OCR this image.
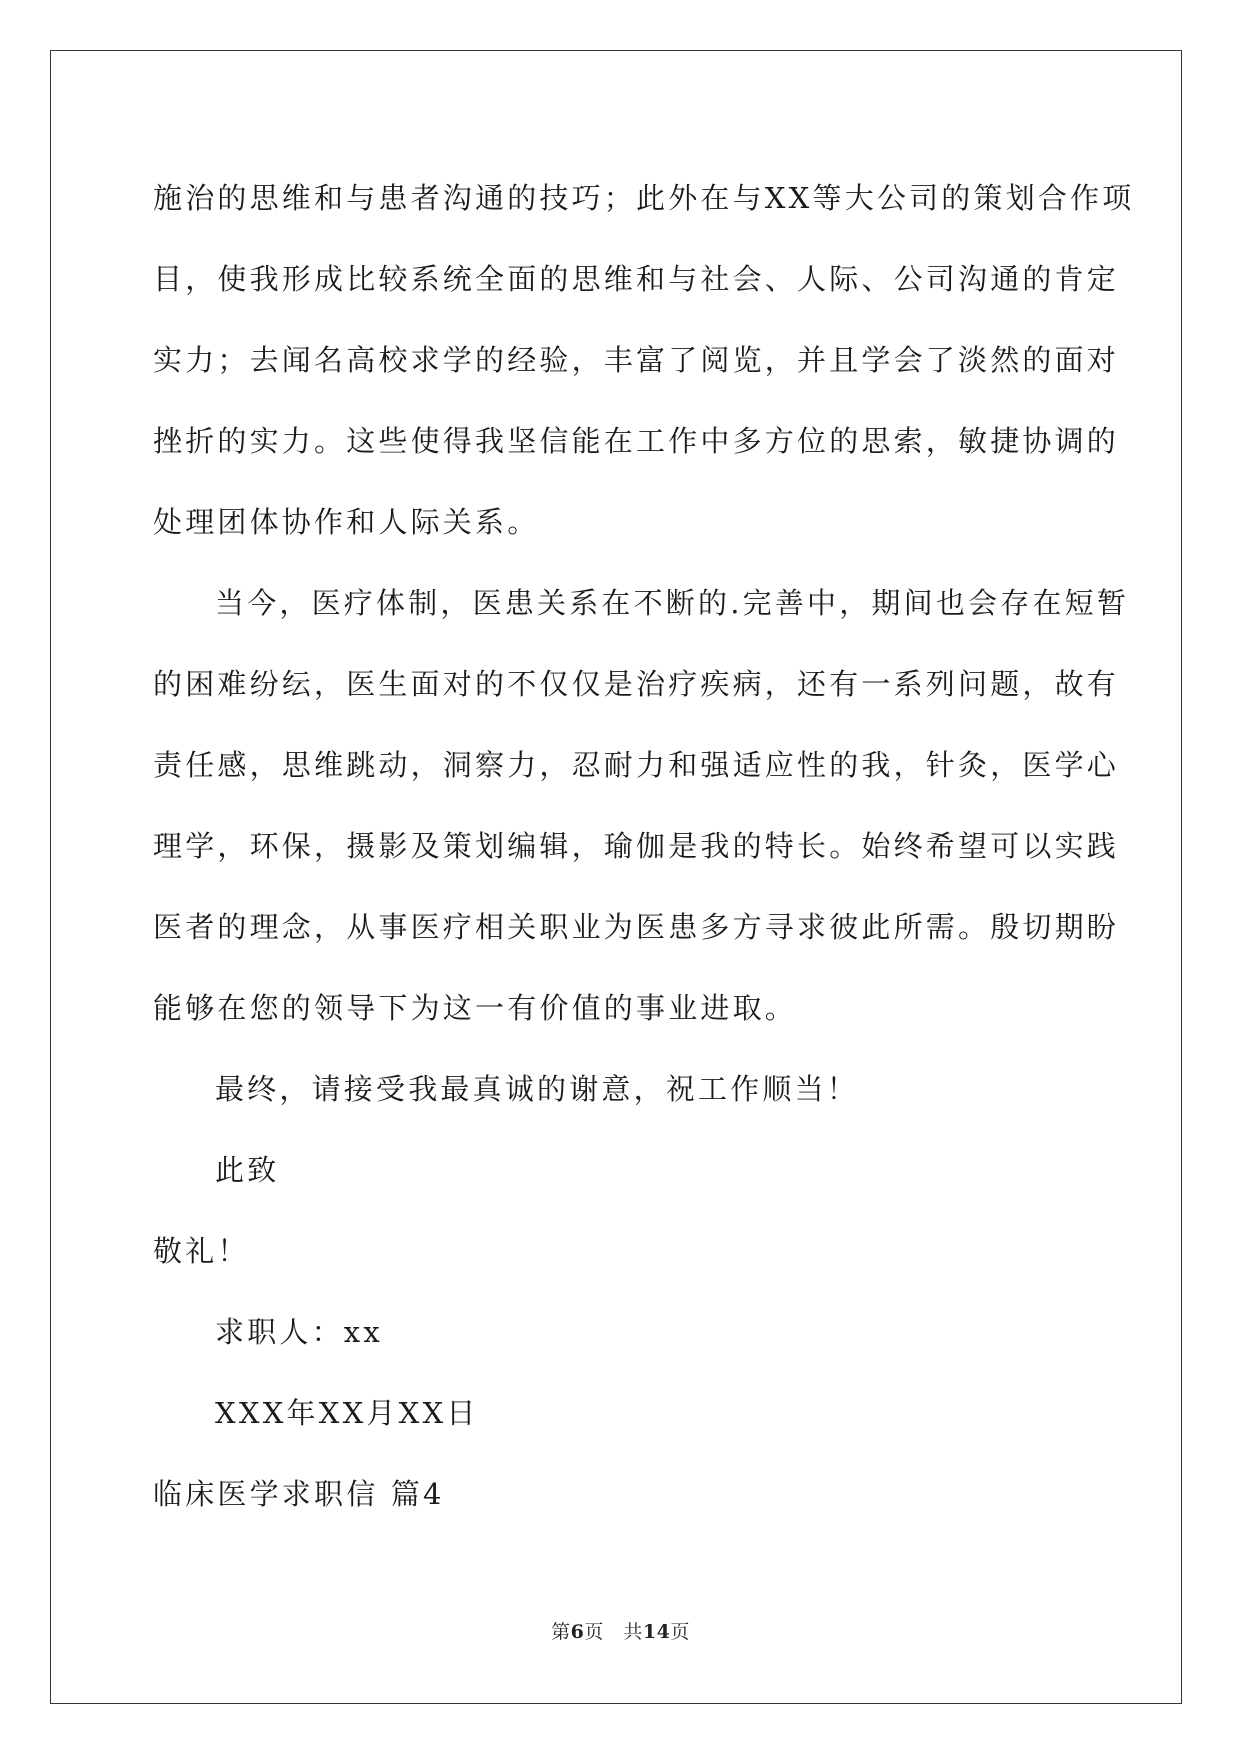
施治的思维和与患者沟通的技巧；此外在与XX等大公司的策划合作项
目，使我形成比较系统全面的思维和与社会、人际、公司沟通的肯定
实力；去闻名高校求学的经验，丰富了阅览，并且学会了淡然的面对
挫折的实力。这些使得我坚信能在工作中多方位的思索，敏捷协调的
处理团体协作和人际关系。
当今，医疗体制，医患关系在不断的.完善中，期间也会存在短暂
的困难纷纭，医生面对的不仅仅是治疗疾病，还有一系列问题，故有
责任感，思维跳动，洞察力，忍耐力和强适应性的我，针灸，医学心
理学，环保，摄影及策划编辑，瑜伽是我的特长。始终希望可以实践
医者的理念，从事医疗相关职业为医患多方寻求彼此所需。殷切期盼
能够在您的领导下为这一有价值的事业进取。
最终，请接受我最真诚的谢意，祝工作顺当！
此致
敬礼！
求职人：xx
XXX年XX月XX日
临床医学求职信 篇4
第6页　共14页
